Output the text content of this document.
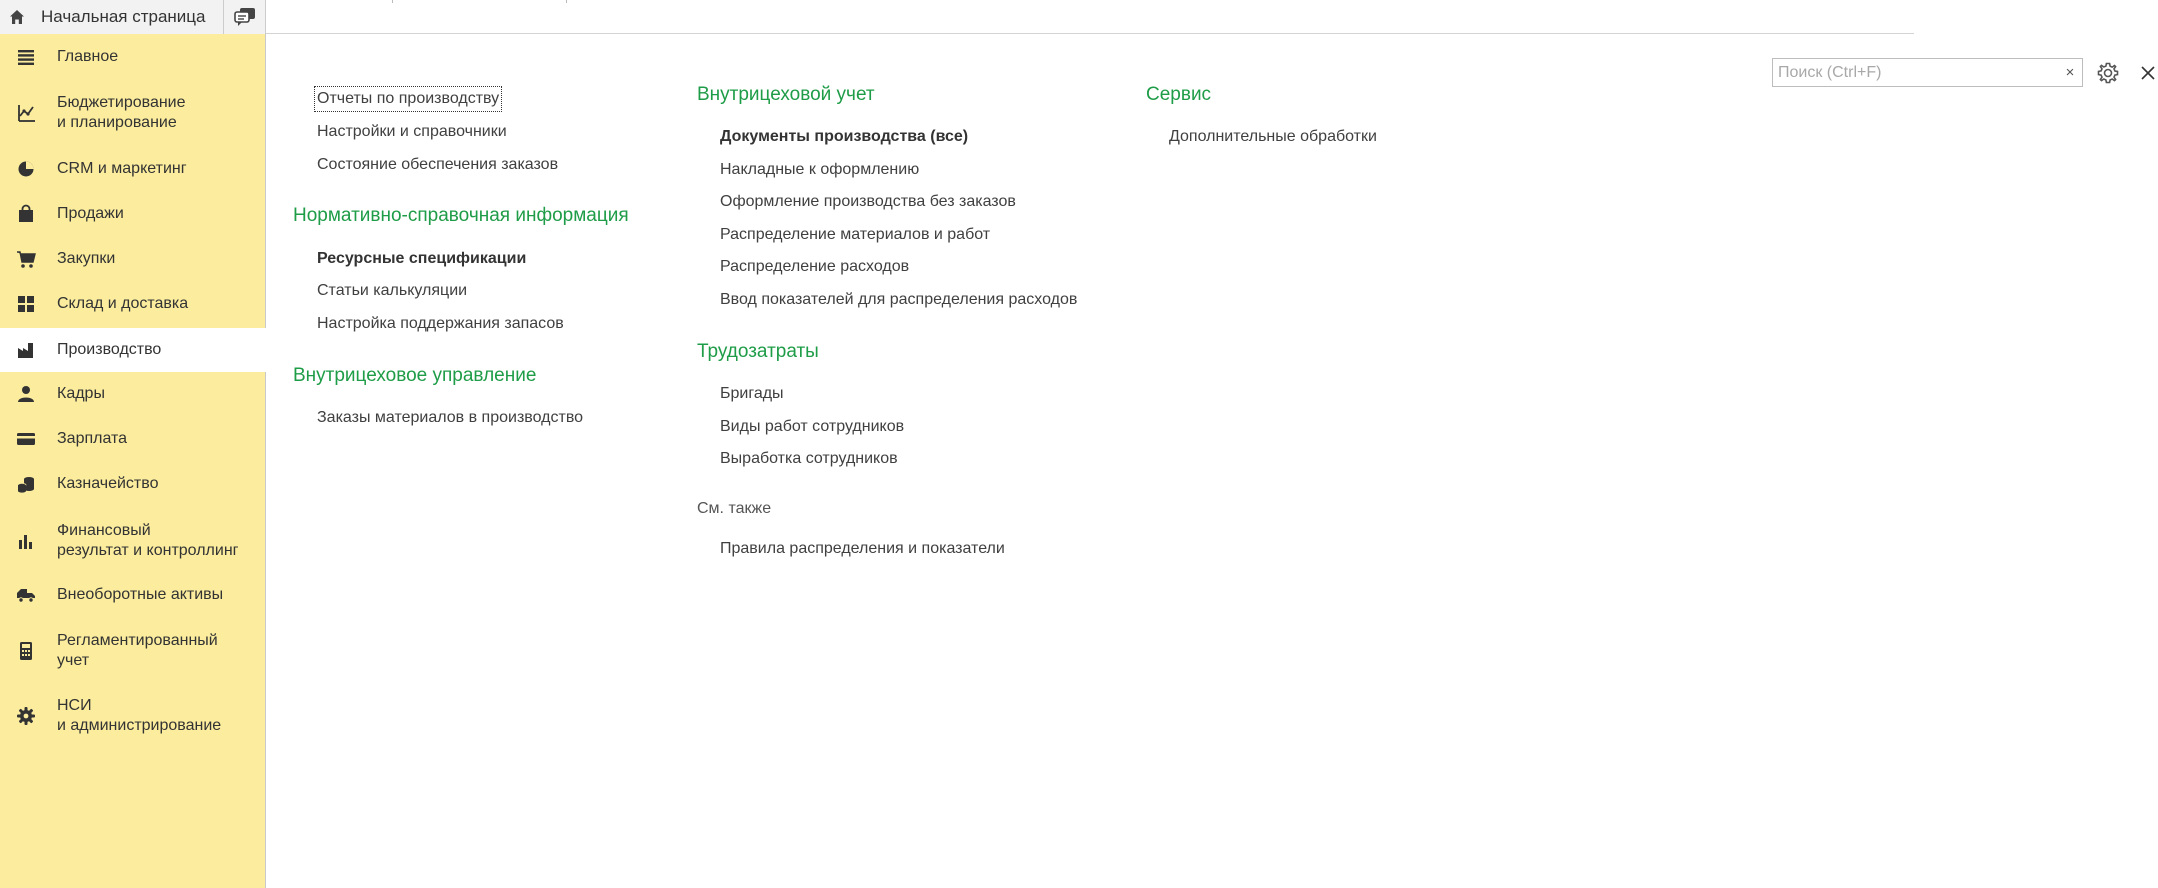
Начальная страница
Главное
Бюджетирование
и планирование
CRM и маркетинг
Продажи
Закупки
Склад и доставка
Производство
Кадры
Зарплата
Казначейство
Финансовый
результат и контроллинг
Внеоборотные активы
Регламентированный
учет
НСИ
и администрирование
Поиск (Ctrl+F)
×
Отчеты по производству
Настройки и справочники
Состояние обеспечения заказов
Нормативно-справочная информация
Ресурсные спецификации
Статьи калькуляции
Настройка поддержания запасов
Внутрицеховое управление
Заказы материалов в производство
Внутрицеховой учет
Документы производства (все)
Накладные к оформлению
Оформление производства без заказов
Распределение материалов и работ
Распределение расходов
Ввод показателей для распределения расходов
Трудозатраты
Бригады
Виды работ сотрудников
Выработка сотрудников
См. также
Правила распределения и показатели
Сервис
Дополнительные обработки
